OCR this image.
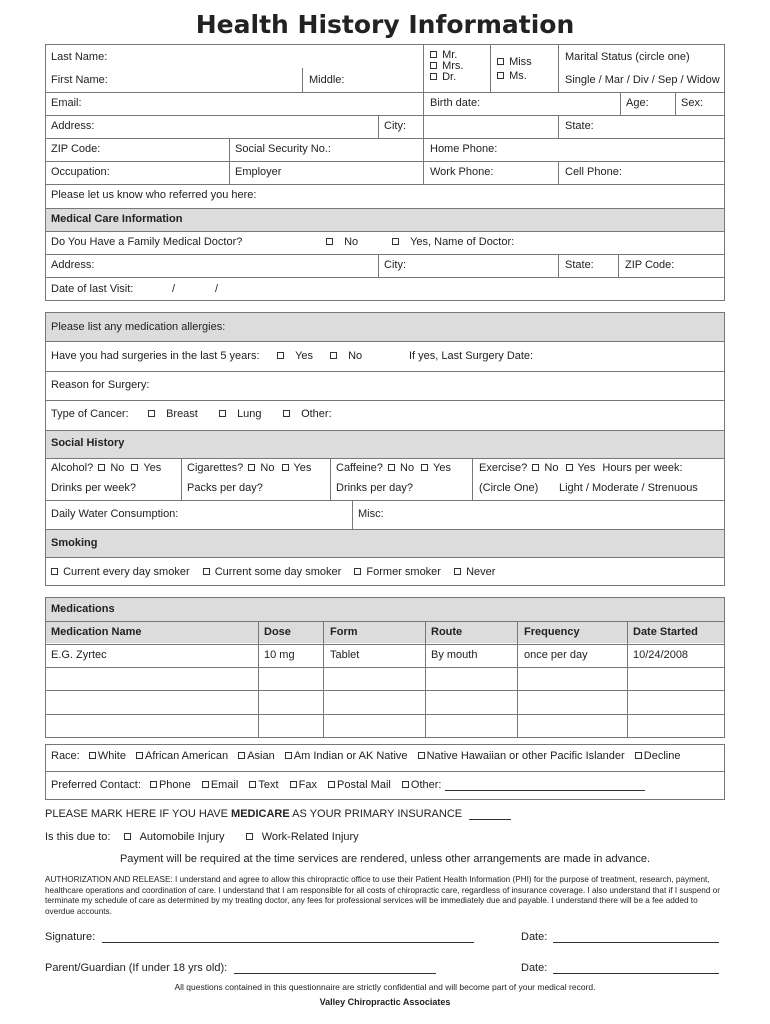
Health History Information
Last Name:
First Name:	Middle:
Mr.
Mrs.
Dr.
Miss
Ms.
Marital Status (circle one)
Single / Mar / Div / Sep / Widow
Email:	Birth date:	Age:	Sex:
Address:	City:	State:
ZIP Code:	Social Security No.:	Home Phone:
Occupation:	Employer	Work Phone:	Cell Phone:
Please let us know who referred you here:
Medical Care Information
Do You Have a Family Medical Doctor?	No	Yes, Name of Doctor:
Address:	City:	State:	ZIP Code:
Date of last Visit:	/	/
Please list any medication allergies:
Have you had surgeries in the last 5 years:	Yes	No	If yes, Last Surgery Date:
Reason for Surgery:
Type of Cancer:	Breast	Lung	Other:
Social History
Alcohol? No Yes Cigarettes? No Yes Caffeine? No Yes	Exercise? No Yes Hours per week:
Drinks per week?	Packs per day?	Drinks per day?	(Circle One) Light / Moderate / Strenuous
Daily Water Consumption:	Misc:
Smoking
Current every day smoker Current some day smoker Former smoker Never
Medications
Medication Name	Dose	Form	Route	Frequency	Date Started
E.G. Zyrtec	10 mg	Tablet	By mouth	once per day	10/24/2008
Race: White African American Asian Am Indian or AK Native Native Hawaiian or other Pacific Islander Decline
Preferred Contact: Phone Email Text Fax Postal Mail Other:
PLEASE MARK HERE IF YOU HAVE MEDICARE AS YOUR PRIMARY INSURANCE
Is this due to:	Automobile Injury	Work-Related Injury
Payment will be required at the time services are rendered, unless other arrangements are made in advance.
AUTHORIZATION AND RELEASE: I understand and agree to allow this chiropractic office to use their Patient Health Information (PHI) for the purpose of treatment, research, payment, healthcare operations and coordination of care. I understand that I am responsible for all costs of chiropractic care, regardless of insurance coverage. I also understand that if I suspend or terminate my schedule of care as determined by my treating doctor, any fees for professional services will be immediately due and payable. I understand there will be a fee added to overdue accounts.
Signature:	Date:
Parent/Guardian (If under 18 yrs old):	Date:
All questions contained in this questionnaire are strictly confidential and will become part of your medical record.
Valley Chiropractic Associates
